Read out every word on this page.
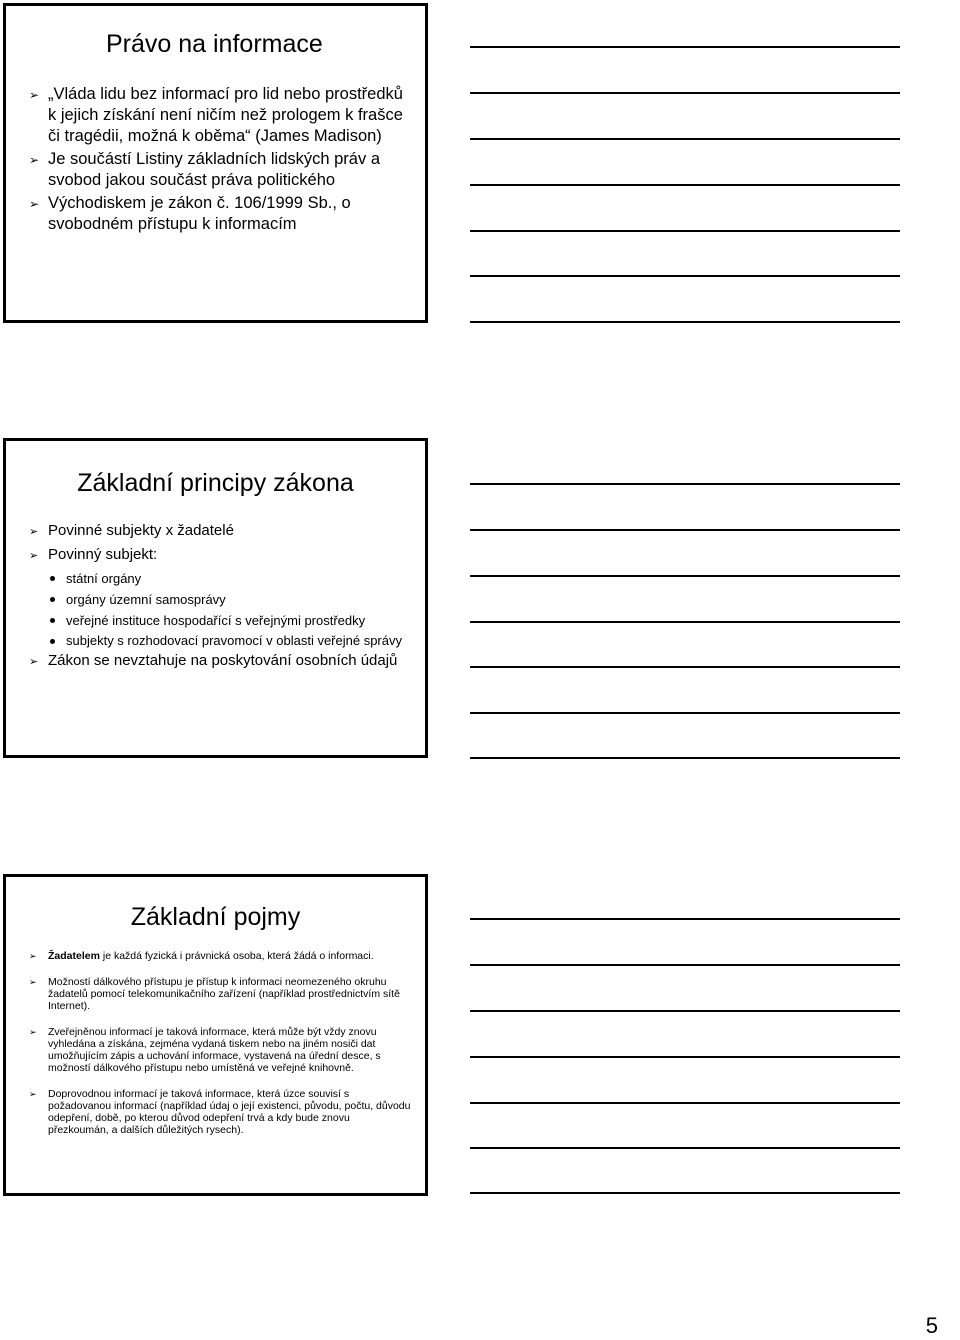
Právo na informace
➢ „Vláda lidu bez informací pro lid nebo prostředků k jejich získání není ničím než prologem k frašce či tragédii, možná k oběma“ (James Madison)
➢ Je součástí Listiny základních lidských práv a svobod jakou součást práva politického
➢ Východiskem je zákon č. 106/1999 Sb., o svobodném přístupu k informacím
Základní principy zákona
➢ Povinné subjekty x žadatelé
➢ Povinný subjekt:
státní orgány
orgány územní samosprávy
veřejné instituce hospodařící s veřejnými prostředky
subjekty s rozhodovací pravomocí v oblasti veřejné správy
➢ Zákon se nevztahuje na poskytování osobních údajů
Základní pojmy
➢ Žadatelem je každá fyzická i právnická osoba, která žádá o informaci.
➢ Možností dálkového přístupu je přístup k informaci neomezeného okruhu žadatelů pomocí telekomunikačního zařízení (například prostřednictvím sítě Internet).
➢ Zveřejněnou informací je taková informace, která může být vždy znovu vyhledána a získána, zejména vydaná tiskem nebo na jiném nosiči dat umožňujícím zápis a uchování informace, vystavená na úřední desce, s možností dálkového přístupu nebo umístěná ve veřejné knihovně.
➢ Doprovodnou informací je taková informace, která úzce souvisí s požadovanou informací (například údaj o její existenci, původu, počtu, důvodu odepření, době, po kterou důvod odepření trvá a kdy bude znovu přezkoumán, a dalších důležitých rysech).
5
